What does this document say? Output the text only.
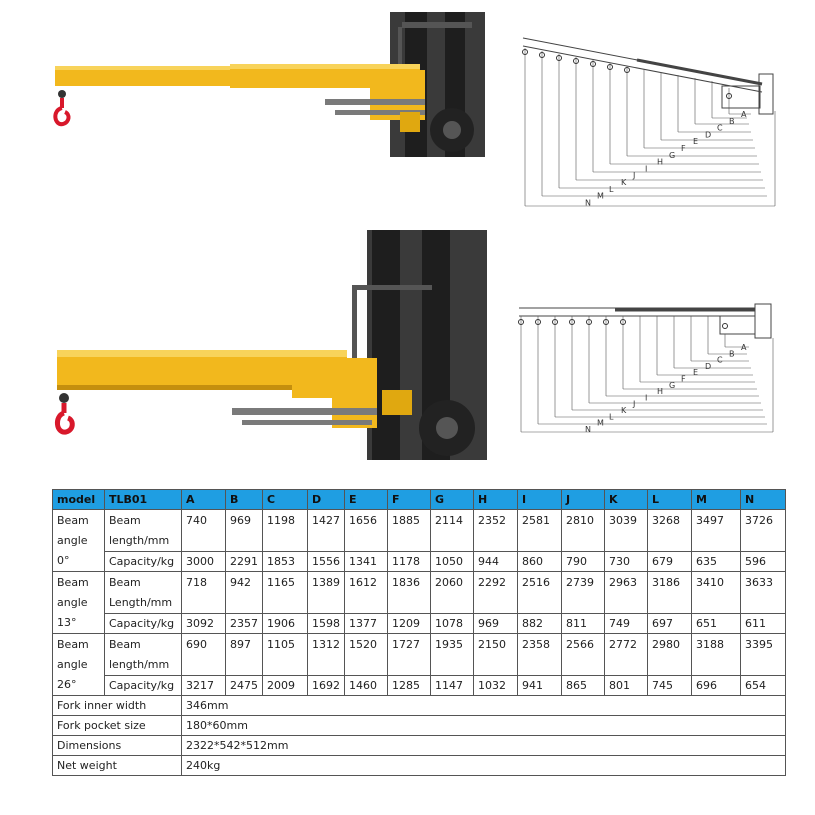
A
B
C
D
E
F
G
H
I
J
K
L
M
N
A
B
C
D
E
F
G
H
I
J
K
L
M
N
model	TLB01	A	B	C	D	E	F	G	H	I	J	K	L	M	N
Beam angle 0°	Beam length/mm	740	969	1198	1427	1656	1885	2114	2352	2581	2810	3039	3268	3497	3726
	Capacity/kg	3000	2291	1853	1556	1341	1178	1050	944	860	790	730	679	635	596
Beam angle 13°	Beam Length/mm	718	942	1165	1389	1612	1836	2060	2292	2516	2739	2963	3186	3410	3633
	Capacity/kg	3092	2357	1906	1598	1377	1209	1078	969	882	811	749	697	651	611
Beam angle 26°	Beam length/mm	690	897	1105	1312	1520	1727	1935	2150	2358	2566	2772	2980	3188	3395
	Capacity/kg	3217	2475	2009	1692	1460	1285	1147	1032	941	865	801	745	696	654
Fork inner width		346mm													
Fork pocket size		180*60mm													
Dimensions		2322*542*512mm													
Net weight		240kg													
